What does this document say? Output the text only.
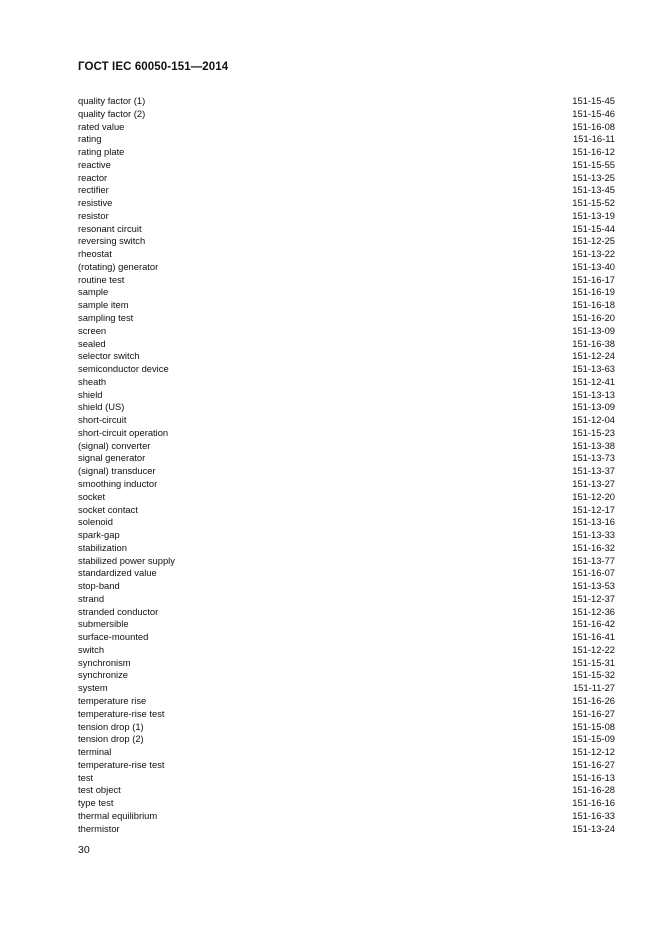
ГОСТ IEC 60050-151—2014
quality factor (1)	151-15-45
quality factor (2)	151-15-46
rated value	151-16-08
rating	151-16-11
rating plate	151-16-12
reactive	151-15-55
reactor	151-13-25
rectifier	151-13-45
resistive	151-15-52
resistor	151-13-19
resonant circuit	151-15-44
reversing switch	151-12-25
rheostat	151-13-22
(rotating) generator	151-13-40
routine test	151-16-17
sample	151-16-19
sample item	151-16-18
sampling test	151-16-20
screen	151-13-09
sealed	151-16-38
selector switch	151-12-24
semiconductor device	151-13-63
sheath	151-12-41
shield	151-13-13
shield (US)	151-13-09
short-circuit	151-12-04
short-circuit operation	151-15-23
(signal) converter	151-13-38
signal generator	151-13-73
(signal) transducer	151-13-37
smoothing inductor	151-13-27
socket	151-12-20
socket contact	151-12-17
solenoid	151-13-16
spark-gap	151-13-33
stabilization	151-16-32
stabilized power supply	151-13-77
standardized value	151-16-07
stop-band	151-13-53
strand	151-12-37
stranded conductor	151-12-36
submersible	151-16-42
surface-mounted	151-16-41
switch	151-12-22
synchronism	151-15-31
synchronize	151-15-32
system	151-11-27
temperature rise	151-16-26
temperature-rise test	151-16-27
tension drop (1)	151-15-08
tension drop (2)	151-15-09
terminal	151-12-12
temperature-rise test	151-16-27
test	151-16-13
test object	151-16-28
type test	151-16-16
thermal equilibrium	151-16-33
thermistor	151-13-24
30
